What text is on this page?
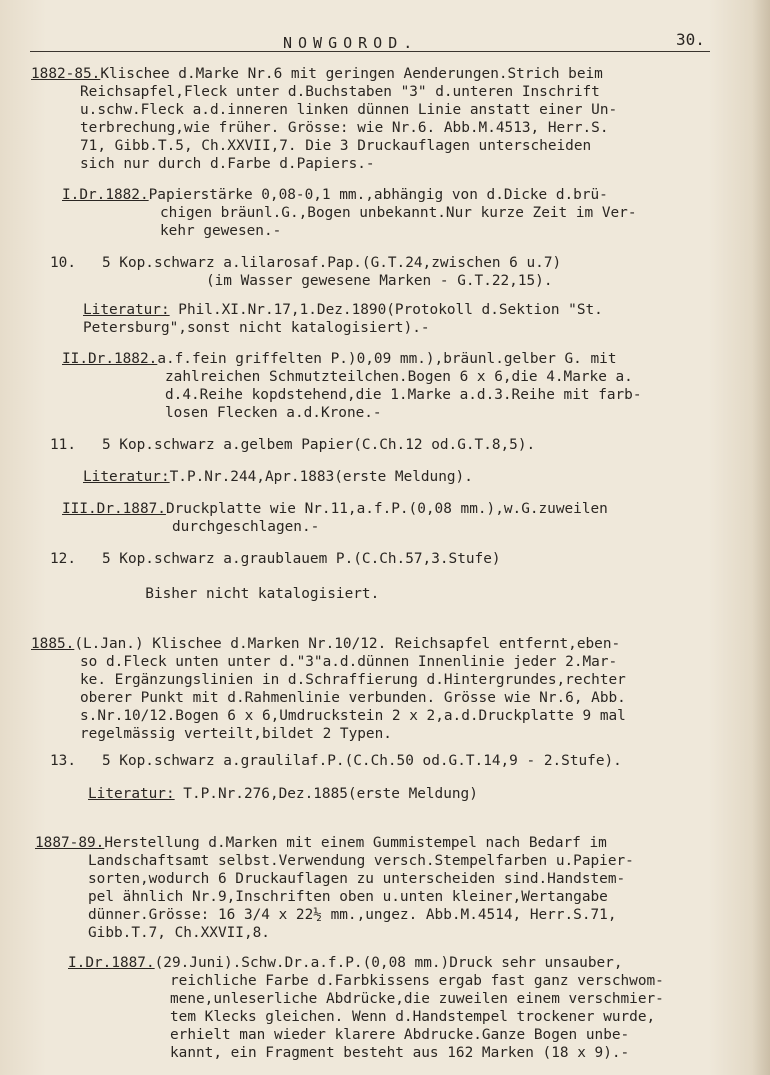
NOWGOROD.	30.
1882-85.Klischee d.Marke Nr.6 mit geringen Aenderungen.Strich beim
Reichsapfel,Fleck unter d.Buchstaben "3" d.unteren Inschrift
u.schw.Fleck a.d.inneren linken dünnen Linie anstatt einer Un-
terbrechung,wie früher. Grösse: wie Nr.6. Abb.M.4513, Herr.S.
71, Gibb.T.5, Ch.XXVII,7. Die 3 Druckauflagen unterscheiden
sich nur durch d.Farbe d.Papiers.-
I.Dr.1882.Papierstärke 0,08-0,1 mm.,abhängig von d.Dicke d.brü-
chigen bräunl.G.,Bogen unbekannt.Nur kurze Zeit im Ver-
kehr gewesen.-
10.   5 Kop.schwarz a.lilarosaf.Pap.(G.T.24,zwischen 6 u.7)
(im Wasser gewesene Marken - G.T.22,15).
Literatur: Phil.XI.Nr.17,1.Dez.1890(Protokoll d.Sektion "St.
Petersburg",sonst nicht katalogisiert).-
II.Dr.1882.a.f.fein griffelten P.)0,09 mm.),bräunl.gelber G. mit
zahlreichen Schmutzteilchen.Bogen 6 x 6,die 4.Marke a.
d.4.Reihe kopdstehend,die 1.Marke a.d.3.Reihe mit farb-
losen Flecken a.d.Krone.-
11.   5 Kop.schwarz a.gelbem Papier(C.Ch.12 od.G.T.8,5).
Literatur:T.P.Nr.244,Apr.1883(erste Meldung).
III.Dr.1887.Druckplatte wie Nr.11,a.f.P.(0,08 mm.),w.G.zuweilen
durchgeschlagen.-
12.   5 Kop.schwarz a.graublauem P.(C.Ch.57,3.Stufe)
Bisher nicht katalogisiert.
1885.(L.Jan.) Klischee d.Marken Nr.10/12. Reichsapfel entfernt,eben-
so d.Fleck unten unter d."3"a.d.dünnen Innenlinie jeder 2.Mar-
ke. Ergänzungslinien in d.Schraffierung d.Hintergrundes,rechter
oberer Punkt mit d.Rahmenlinie verbunden. Grösse wie Nr.6, Abb.
s.Nr.10/12.Bogen 6 x 6,Umdruckstein 2 x 2,a.d.Druckplatte 9 mal
regelmässig verteilt,bildet 2 Typen.
13.   5 Kop.schwarz a.graulilaf.P.(C.Ch.50 od.G.T.14,9 - 2.Stufe).
Literatur: T.P.Nr.276,Dez.1885(erste Meldung)
1887-89.Herstellung d.Marken mit einem Gummistempel nach Bedarf im
Landschaftsamt selbst.Verwendung versch.Stempelfarben u.Papier-
sorten,wodurch 6 Druckauflagen zu unterscheiden sind.Handstem-
pel ähnlich Nr.9,Inschriften oben u.unten kleiner,Wertangabe
dünner.Grösse: 16 3/4 x 22½ mm.,ungez. Abb.M.4514, Herr.S.71,
Gibb.T.7, Ch.XXVII,8.
I.Dr.1887.(29.Juni).Schw.Dr.a.f.P.(0,08 mm.)Druck sehr unsauber,
reichliche Farbe d.Farbkissens ergab fast ganz verschwom-
mene,unleserliche Abdrücke,die zuweilen einem verschmier-
tem Klecks gleichen. Wenn d.Handstempel trockener wurde,
erhielt man wieder klarere Abdrucke.Ganze Bogen unbe-
kannt, ein Fragment besteht aus 162 Marken (18 x 9).-
